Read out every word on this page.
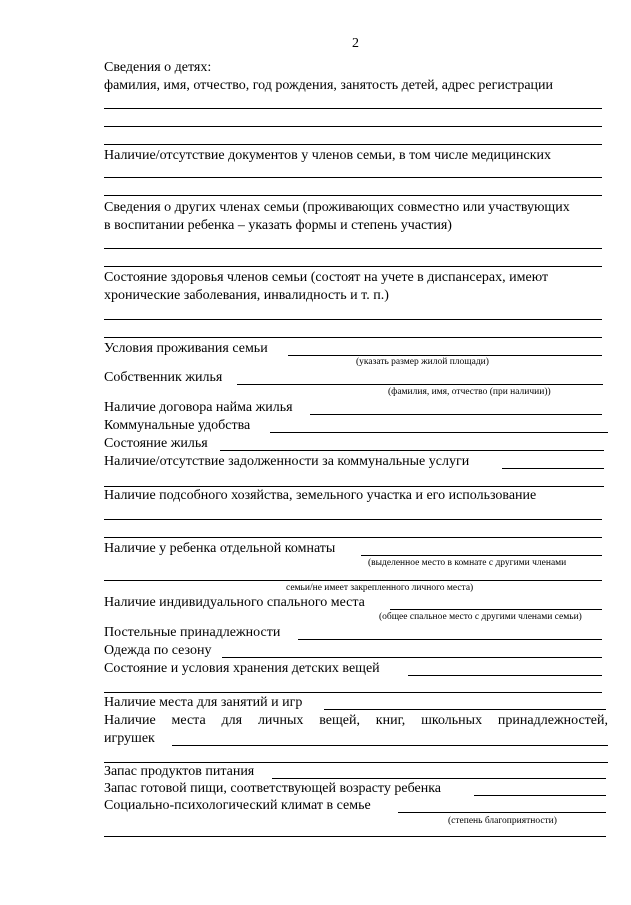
2
Сведения о детях:
фамилия, имя, отчество, год рождения, занятость детей, адрес регистрации
Наличие/отсутствие документов у членов семьи, в том числе медицинских
Сведения о других членах семьи (проживающих совместно или участвующих
в воспитании ребенка – указать формы и степень участия)
Состояние здоровья членов семьи (состоят на учете в диспансерах, имеют
хронические заболевания, инвалидность и т. п.)
Условия проживания семьи
(указать размер жилой площади)
Собственник жилья
(фамилия, имя, отчество (при наличии))
Наличие договора найма жилья
Коммунальные удобства
Состояние жилья
Наличие/отсутствие задолженности за коммунальные услуги
Наличие подсобного хозяйства, земельного участка и его использование
Наличие у ребенка отдельной комнаты
(выделенное место в комнате с другими членами
семьи/не имеет закрепленного личного места)
Наличие индивидуального спального места
(общее спальное место с другими членами семьи)
Постельные принадлежности
Одежда по сезону
Состояние и условия хранения детских вещей
Наличие места для занятий и игр
Наличие места для личных вещей, книг, школьных принадлежностей,
игрушек
Запас продуктов питания
Запас готовой пищи, соответствующей возрасту ребенка
Социально-психологический климат в семье
(степень благоприятности)
